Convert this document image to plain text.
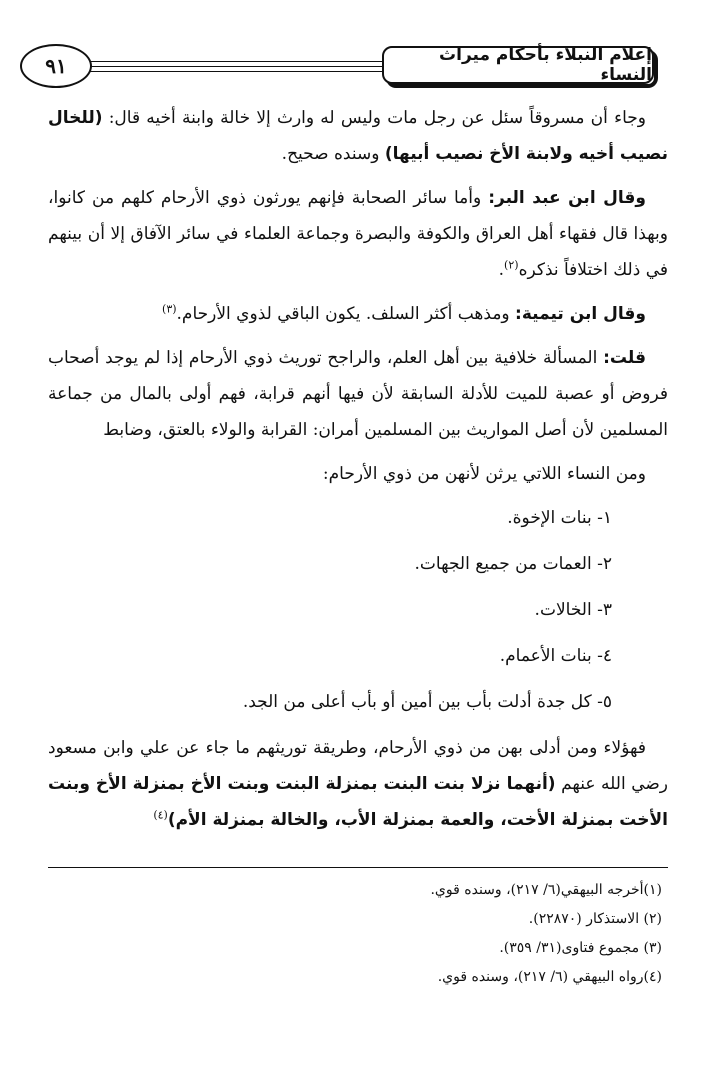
٩١	إعلام النبلاء بأحكام ميراث النساء

وجاء أن مسروقاً سئل عن رجل مات وليس له وارث إلا خالة وابنة أخيه قال: (للخال نصيب أخيه ولابنة الأخ نصيب أبيها) وسنده صحيح.

وقال ابن عبد البر: وأما سائر الصحابة فإنهم يورثون ذوي الأرحام كلهم من كانوا، وبهذا قال فقهاء أهل العراق والكوفة والبصرة وجماعة العلماء في سائر الآفاق إلا أن بينهم في ذلك اختلافاً نذكره$^{(٢)}$.

وقال ابن تيمية: ومذهب أكثر السلف. يكون الباقي لذوي الأرحام.$^{(٣)}$

قلت: المسألة خلافية بين أهل العلم، والراجح توريث ذوي الأرحام إذا لم يوجد أصحاب فروض أو عصبة للميت للأدلة السابقة لأن فيها أنهم قرابة، فهم أولى بالمال من جماعة المسلمين لأن أصل المواريث بين المسلمين أمران: القرابة والولاء بالعتق، وضابط

ومن النساء اللاتي يرثن لأنهن من ذوي الأرحام:

١- بنات الإخوة.
٢- العمات من جميع الجهات.
٣- الخالات.
٤- بنات الأعمام.
٥- كل جدة أدلت بأب بين أمين أو بأب أعلى من الجد.

فهؤلاء ومن أدلى بهن من ذوي الأرحام، وطريقة توريثهم ما جاء عن علي وابن مسعود رضي الله عنهم (أنهما نزلا بنت البنت بمنزلة البنت وبنت الأخ بمنزلة الأخ وبنت الأخت بمنزلة الأخت، والعمة بمنزلة الأب، والخالة بمنزلة الأم)$^{(٤)}$

(١)أخرجه البيهقي(٦/ ٢١٧)، وسنده قوي.
(٢) الاستذكار (٢٢٨٧٠).
(٣) مجموع فتاوى(٣١/ ٣٥٩).
(٤)رواه البيهقي (٦/ ٢١٧)، وسنده قوي.
